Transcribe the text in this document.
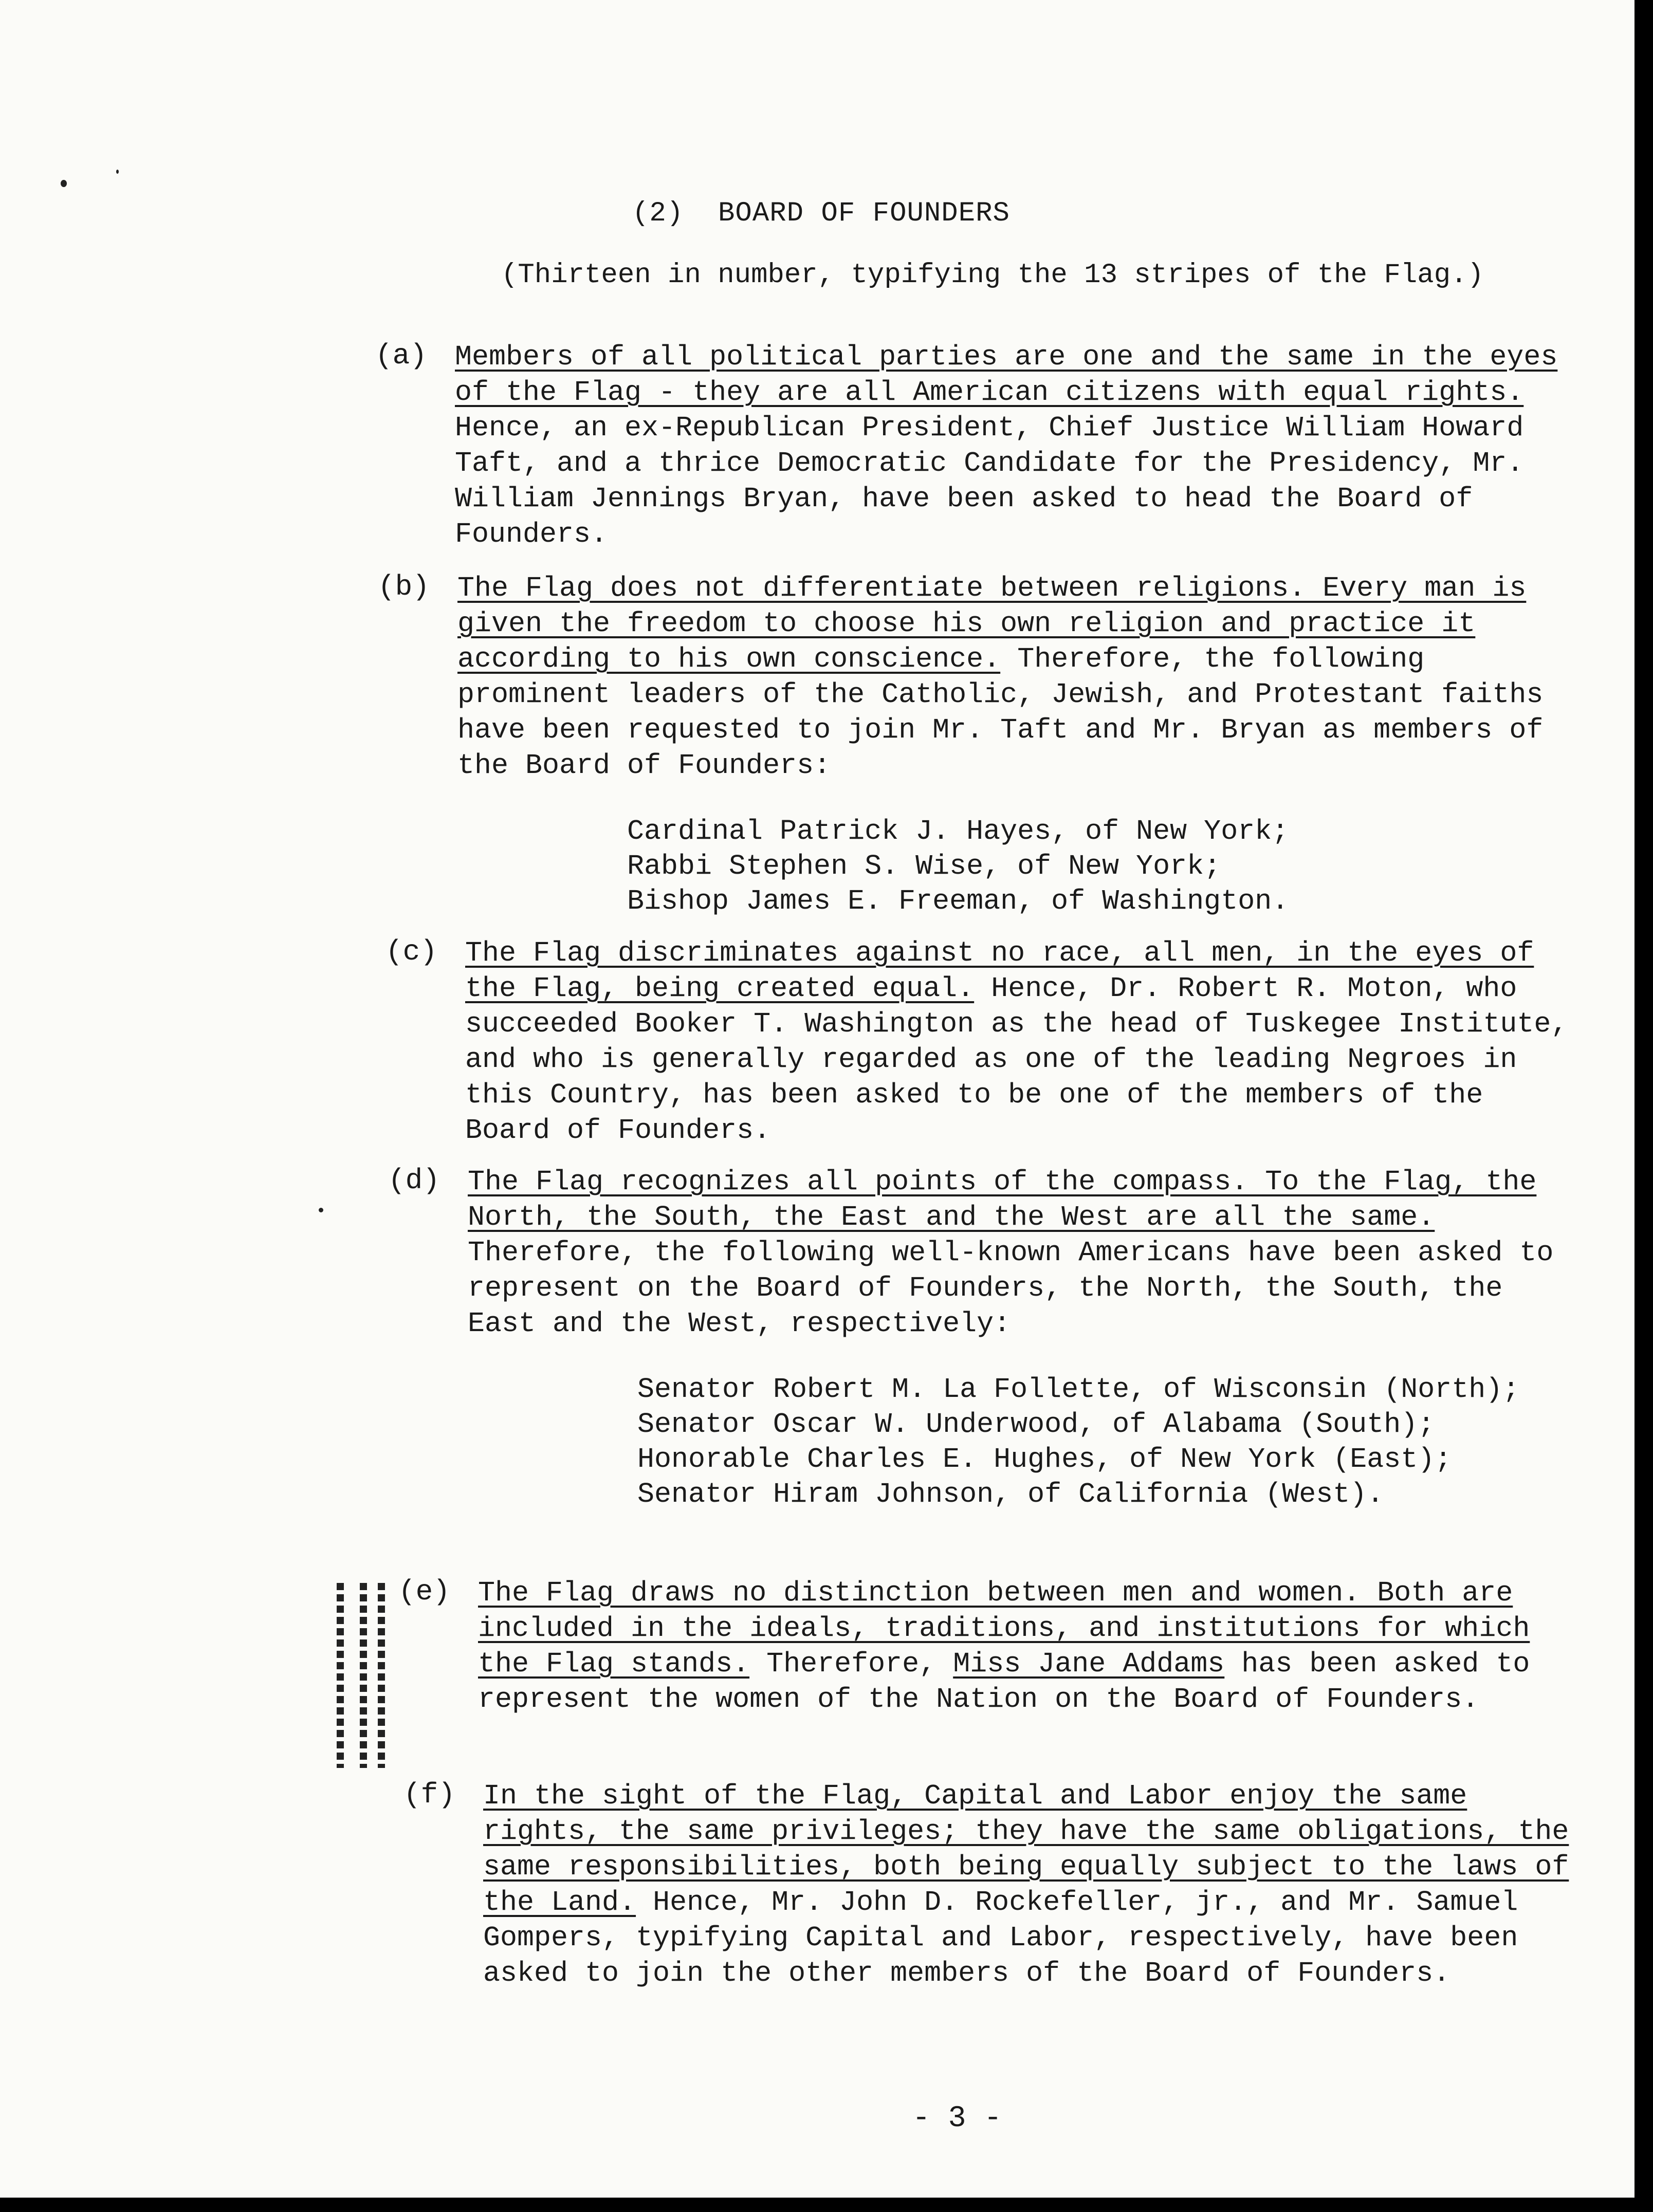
(2)  BOARD OF FOUNDERS
(Thirteen in number, typifying the 13 stripes of the Flag.)
(a) Members of all political parties are one and the same in the eyes of the Flag - they are all American citizens with equal rights. Hence, an ex-Republican President, Chief Justice William Howard Taft, and a thrice Democratic Candidate for the Presidency, Mr. William Jennings Bryan, have been asked to head the Board of Founders.

(b) The Flag does not differentiate between religions. Every man is given the freedom to choose his own religion and practice it according to his own conscience. Therefore, the following prominent leaders of the Catholic, Jewish, and Protestant faiths have been requested to join Mr. Taft and Mr. Bryan as members of the Board of Founders:

Cardinal Patrick J. Hayes, of New York;
Rabbi Stephen S. Wise, of New York;
Bishop James E. Freeman, of Washington.
(c) The Flag discriminates against no race, all men, in the eyes of the Flag, being created equal. Hence, Dr. Robert R. Moton, who succeeded Booker T. Washington as the head of Tuskegee Institute, and who is generally regarded as one of the leading Negroes in this Country, has been asked to be one of the members of the Board of Founders.

(d) The Flag recognizes all points of the compass. To the Flag, the North, the South, the East and the West are all the same. Therefore, the following well-known Americans have been asked to represent on the Board of Founders, the North, the South, the East and the West, respectively:

Senator Robert M. La Follette, of Wisconsin (North);
Senator Oscar W. Underwood, of Alabama (South);
Honorable Charles E. Hughes, of New York (East);
Senator Hiram Johnson, of California (West).
(e) The Flag draws no distinction between men and women. Both are included in the ideals, traditions, and institutions for which the Flag stands. Therefore, Miss Jane Addams has been asked to represent the women of the Nation on the Board of Founders.

(f) In the sight of the Flag, Capital and Labor enjoy the same rights, the same privileges; they have the same obligations, the same responsibilities, both being equally subject to the laws of the Land. Hence, Mr. John D. Rockefeller, jr., and Mr. Samuel Gompers, typifying Capital and Labor, respectively, have been asked to join the other members of the Board of Founders.

- 3 -
